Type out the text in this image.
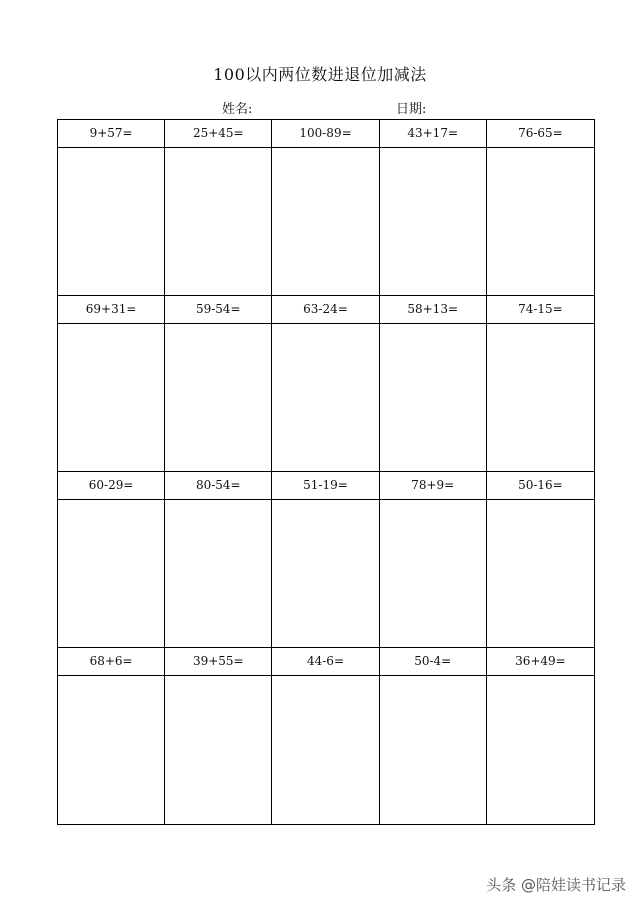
100以内两位数进退位加减法
姓名:	日期:
9+57=	25+45=	100-89=	43+17=	76-65=
69+31=	59-54=	63-24=	58+13=	74-15=
60-29=	80-54=	51-19=	78+9=	50-16=
68+6=	39+55=	44-6=	50-4=	36+49=
头条 @陪娃读书记录
